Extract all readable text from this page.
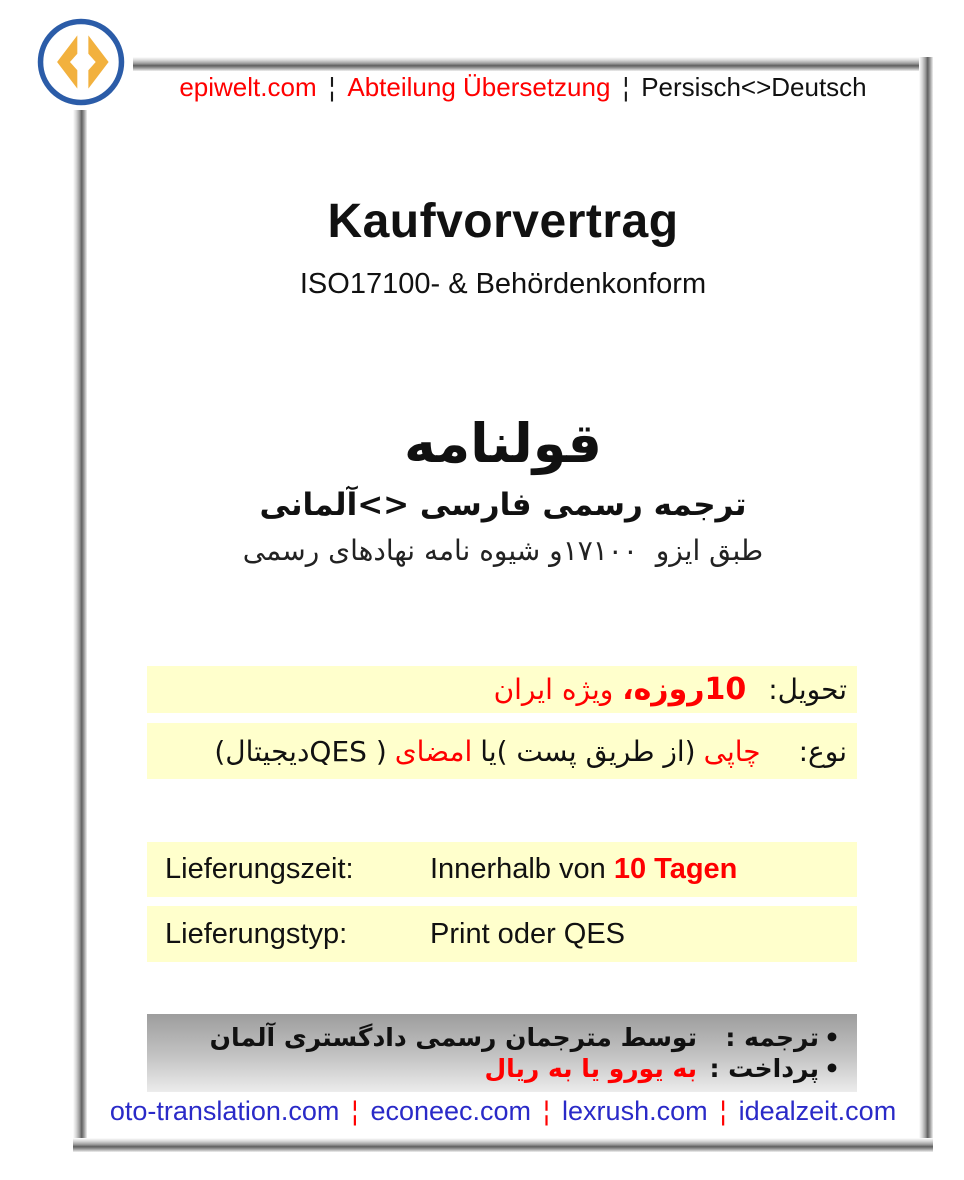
epiwelt.com ¦ Abteilung Übersetzung ¦ Persisch<>Deutsch
Kaufvorvertrag
ISO17100- & Behördenkonform
قولنامه
ترجمه رسمی فارسی <>آلمانی
طبق ایزو  ۱۷۱۰۰و شیوه نامه نهادهای رسمی
تحویل:
10روزه، ویژه ایران
نوع:
چاپی
(از طریق پست )یا
امضای
( QESدیجیتال)
Lieferungszeit:	Innerhalb von 10 Tagen
Lieferungstyp:	Print oder QES
•
ترجمه :
توسط مترجمان رسمی دادگستری آلمان
•
پرداخت :
به یورو یا به ریال
oto-translation.com ¦ econeec.com ¦ lexrush.com ¦ idealzeit.com
